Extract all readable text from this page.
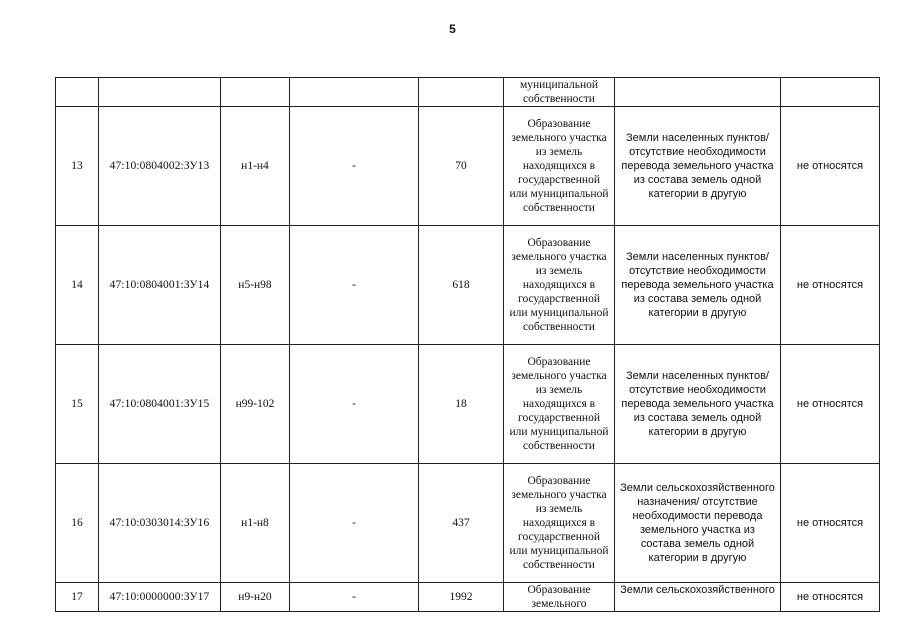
5
					муниципальной собственности		
13	47:10:0804002:ЗУ13	н1-н4	-	70	Образование земельного участка из земель находящихся в государственной или муниципальной собственности	Земли населенных пунктов/ отсутствие необходимости перевода земельного участка из состава земель одной категории в другую	не относятся
14	47:10:0804001:ЗУ14	н5-н98	-	618	Образование земельного участка из земель находящихся в государственной или муниципальной собственности	Земли населенных пунктов/ отсутствие необходимости перевода земельного участка из состава земель одной категории в другую	не относятся
15	47:10:0804001:ЗУ15	н99-102	-	18	Образование земельного участка из земель находящихся в государственной или муниципальной собственности	Земли населенных пунктов/ отсутствие необходимости перевода земельного участка из состава земель одной категории в другую	не относятся
16	47:10:0303014:ЗУ16	н1-н8	-	437	Образование земельного участка из земель находящихся в государственной или муниципальной собственности	Земли сельскохозяйственного назначения/ отсутствие необходимости перевода земельного участка из состава земель одной категории в другую	не относятся
17	47:10:0000000:ЗУ17	н9-н20	-	1992	Образование земельного	Земли сельскохозяйственного	не относятся
